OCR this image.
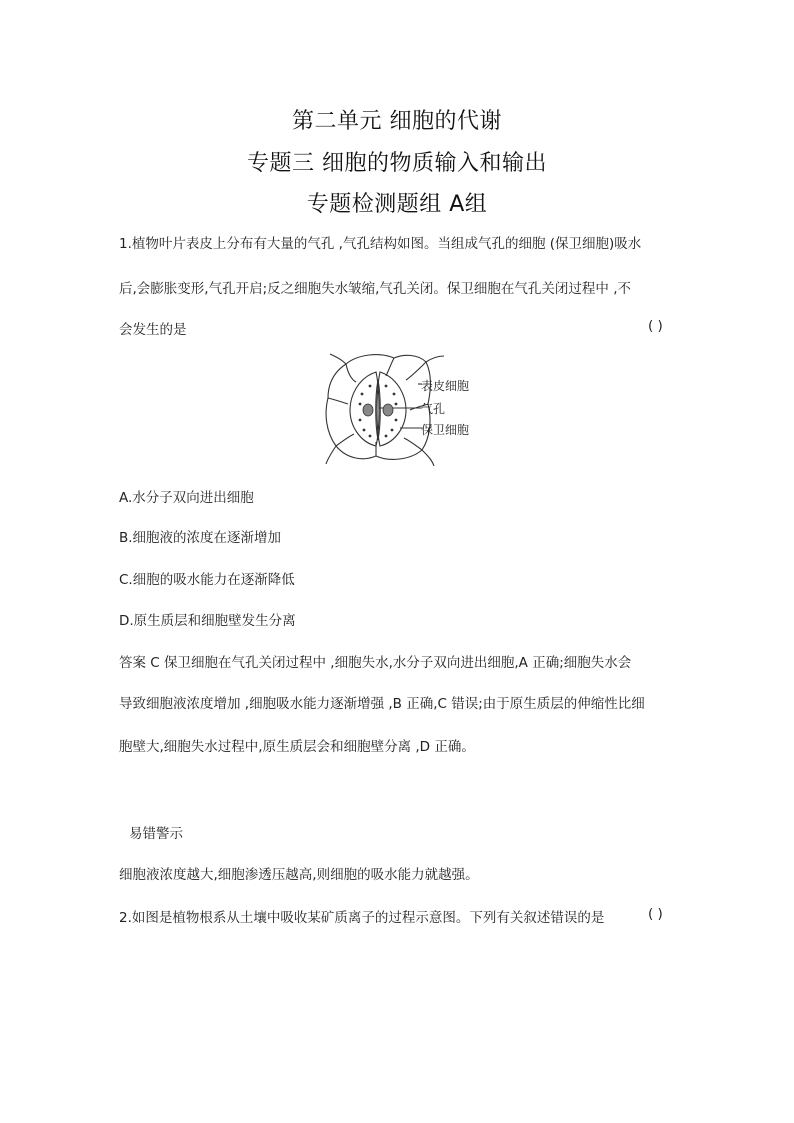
第二单元 细胞的代谢
专题三 细胞的物质输入和输出
专题检测题组 A组
1.植物叶片表皮上分布有大量的气孔 ,气孔结构如图。当组成气孔的细胞 (保卫细胞)吸水
后,会膨胀变形,气孔开启;反之细胞失水皱缩,气孔关闭。保卫细胞在气孔关闭过程中 ,不
会发生的是	( )
表皮细胞
气孔
保卫细胞
A.水分子双向进出细胞
B.细胞液的浓度在逐渐增加
C.细胞的吸水能力在逐渐降低
D.原生质层和细胞壁发生分离
答案 C 保卫细胞在气孔关闭过程中 ,细胞失水,水分子双向进出细胞,A 正确;细胞失水会
导致细胞液浓度增加 ,细胞吸水能力逐渐增强 ,B 正确,C 错误;由于原生质层的伸缩性比细
胞壁大,细胞失水过程中,原生质层会和细胞壁分离 ,D 正确。
易错警示
细胞液浓度越大,细胞渗透压越高,则细胞的吸水能力就越强。
2.如图是植物根系从土壤中吸收某矿质离子的过程示意图。下列有关叙述错误的是	( )
